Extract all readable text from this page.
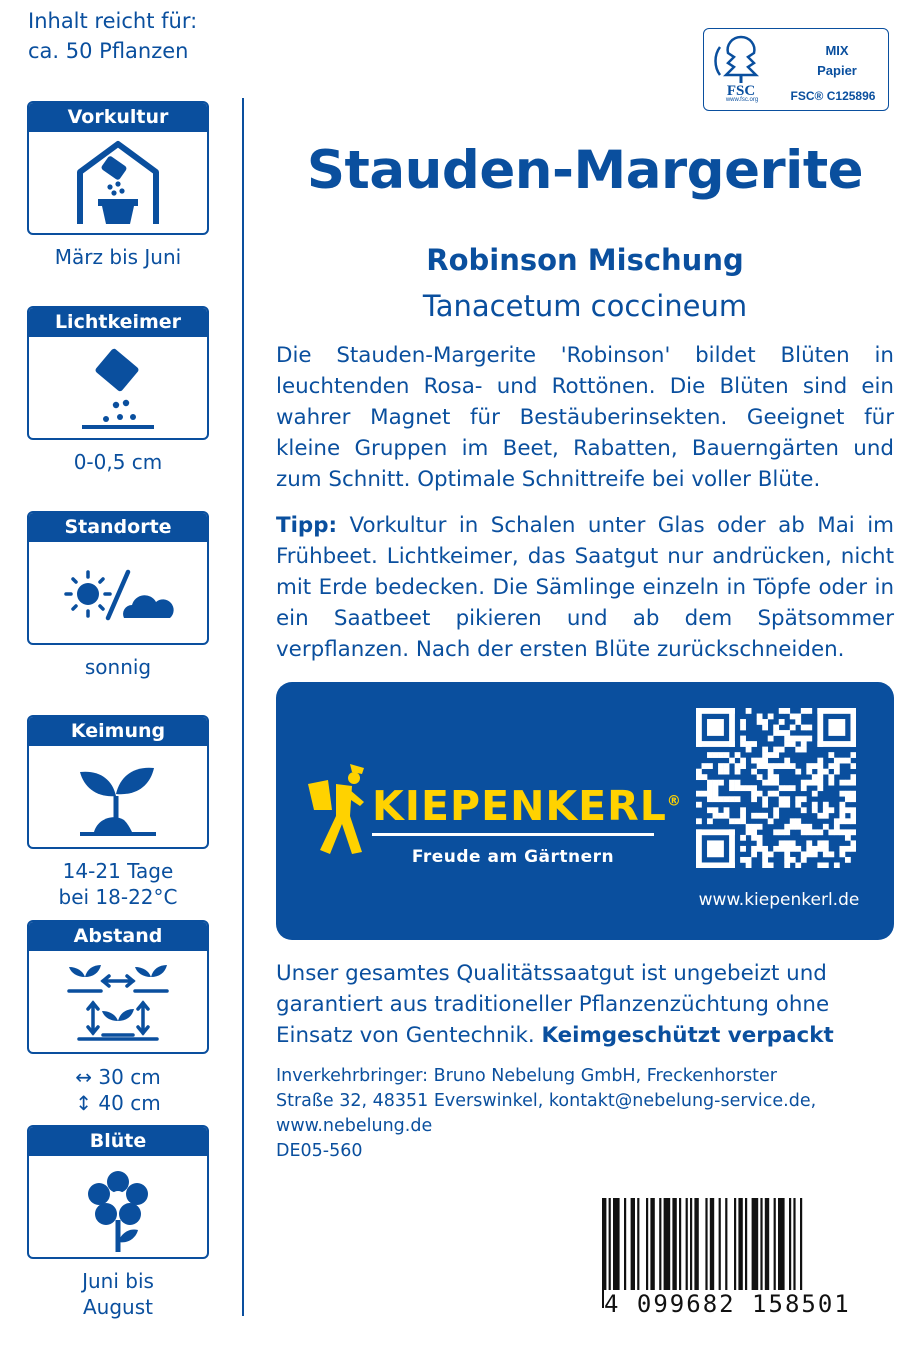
Inhalt reicht für:
ca. 50 Pflanzen
Vorkultur
März bis Juni
Lichtkeimer
0-0,5 cm
Standorte
sonnig
Keimung
14-21 Tage
bei 18-22°C
Abstand
↔ 30 cm
↕ 40 cm
Blüte
Juni bis
August
FSC
www.fsc.org
MIX
Papier
FSC® C125896
Stauden-Margerite
Robinson Mischung
Tanacetum coccineum
Die Stauden-Margerite 'Robinson' bildet Blüten in leuchtenden Rosa- und Rottönen. Die Blüten sind ein wahrer Magnet für Bestäuberinsekten. Geeignet für kleine Gruppen im Beet, Rabatten, Bauerngärten und zum Schnitt. Optimale Schnittreife bei voller Blüte.
Tipp: Vorkultur in Schalen unter Glas oder ab Mai im Frühbeet. Lichtkeimer, das Saatgut nur andrücken, nicht mit Erde bedecken. Die Sämlinge einzeln in Töpfe oder in ein Saatbeet pikieren und ab dem Spätsommer verpflanzen. Nach der ersten Blüte zurückschneiden.
KIEPENKERL®
Freude am Gärtnern
www.kiepenkerl.de
Unser gesamtes Qualitätssaatgut ist ungebeizt und garantiert aus traditioneller Pflanzenzüchtung ohne Einsatz von Gentechnik. Keimgeschützt verpackt
Inverkehrbringer: Bruno Nebelung GmbH, Freckenhorster
Straße 32, 48351 Everswinkel, kontakt@nebelung-service.de,
www.nebelung.de
DE05-560
4 099682 158501
